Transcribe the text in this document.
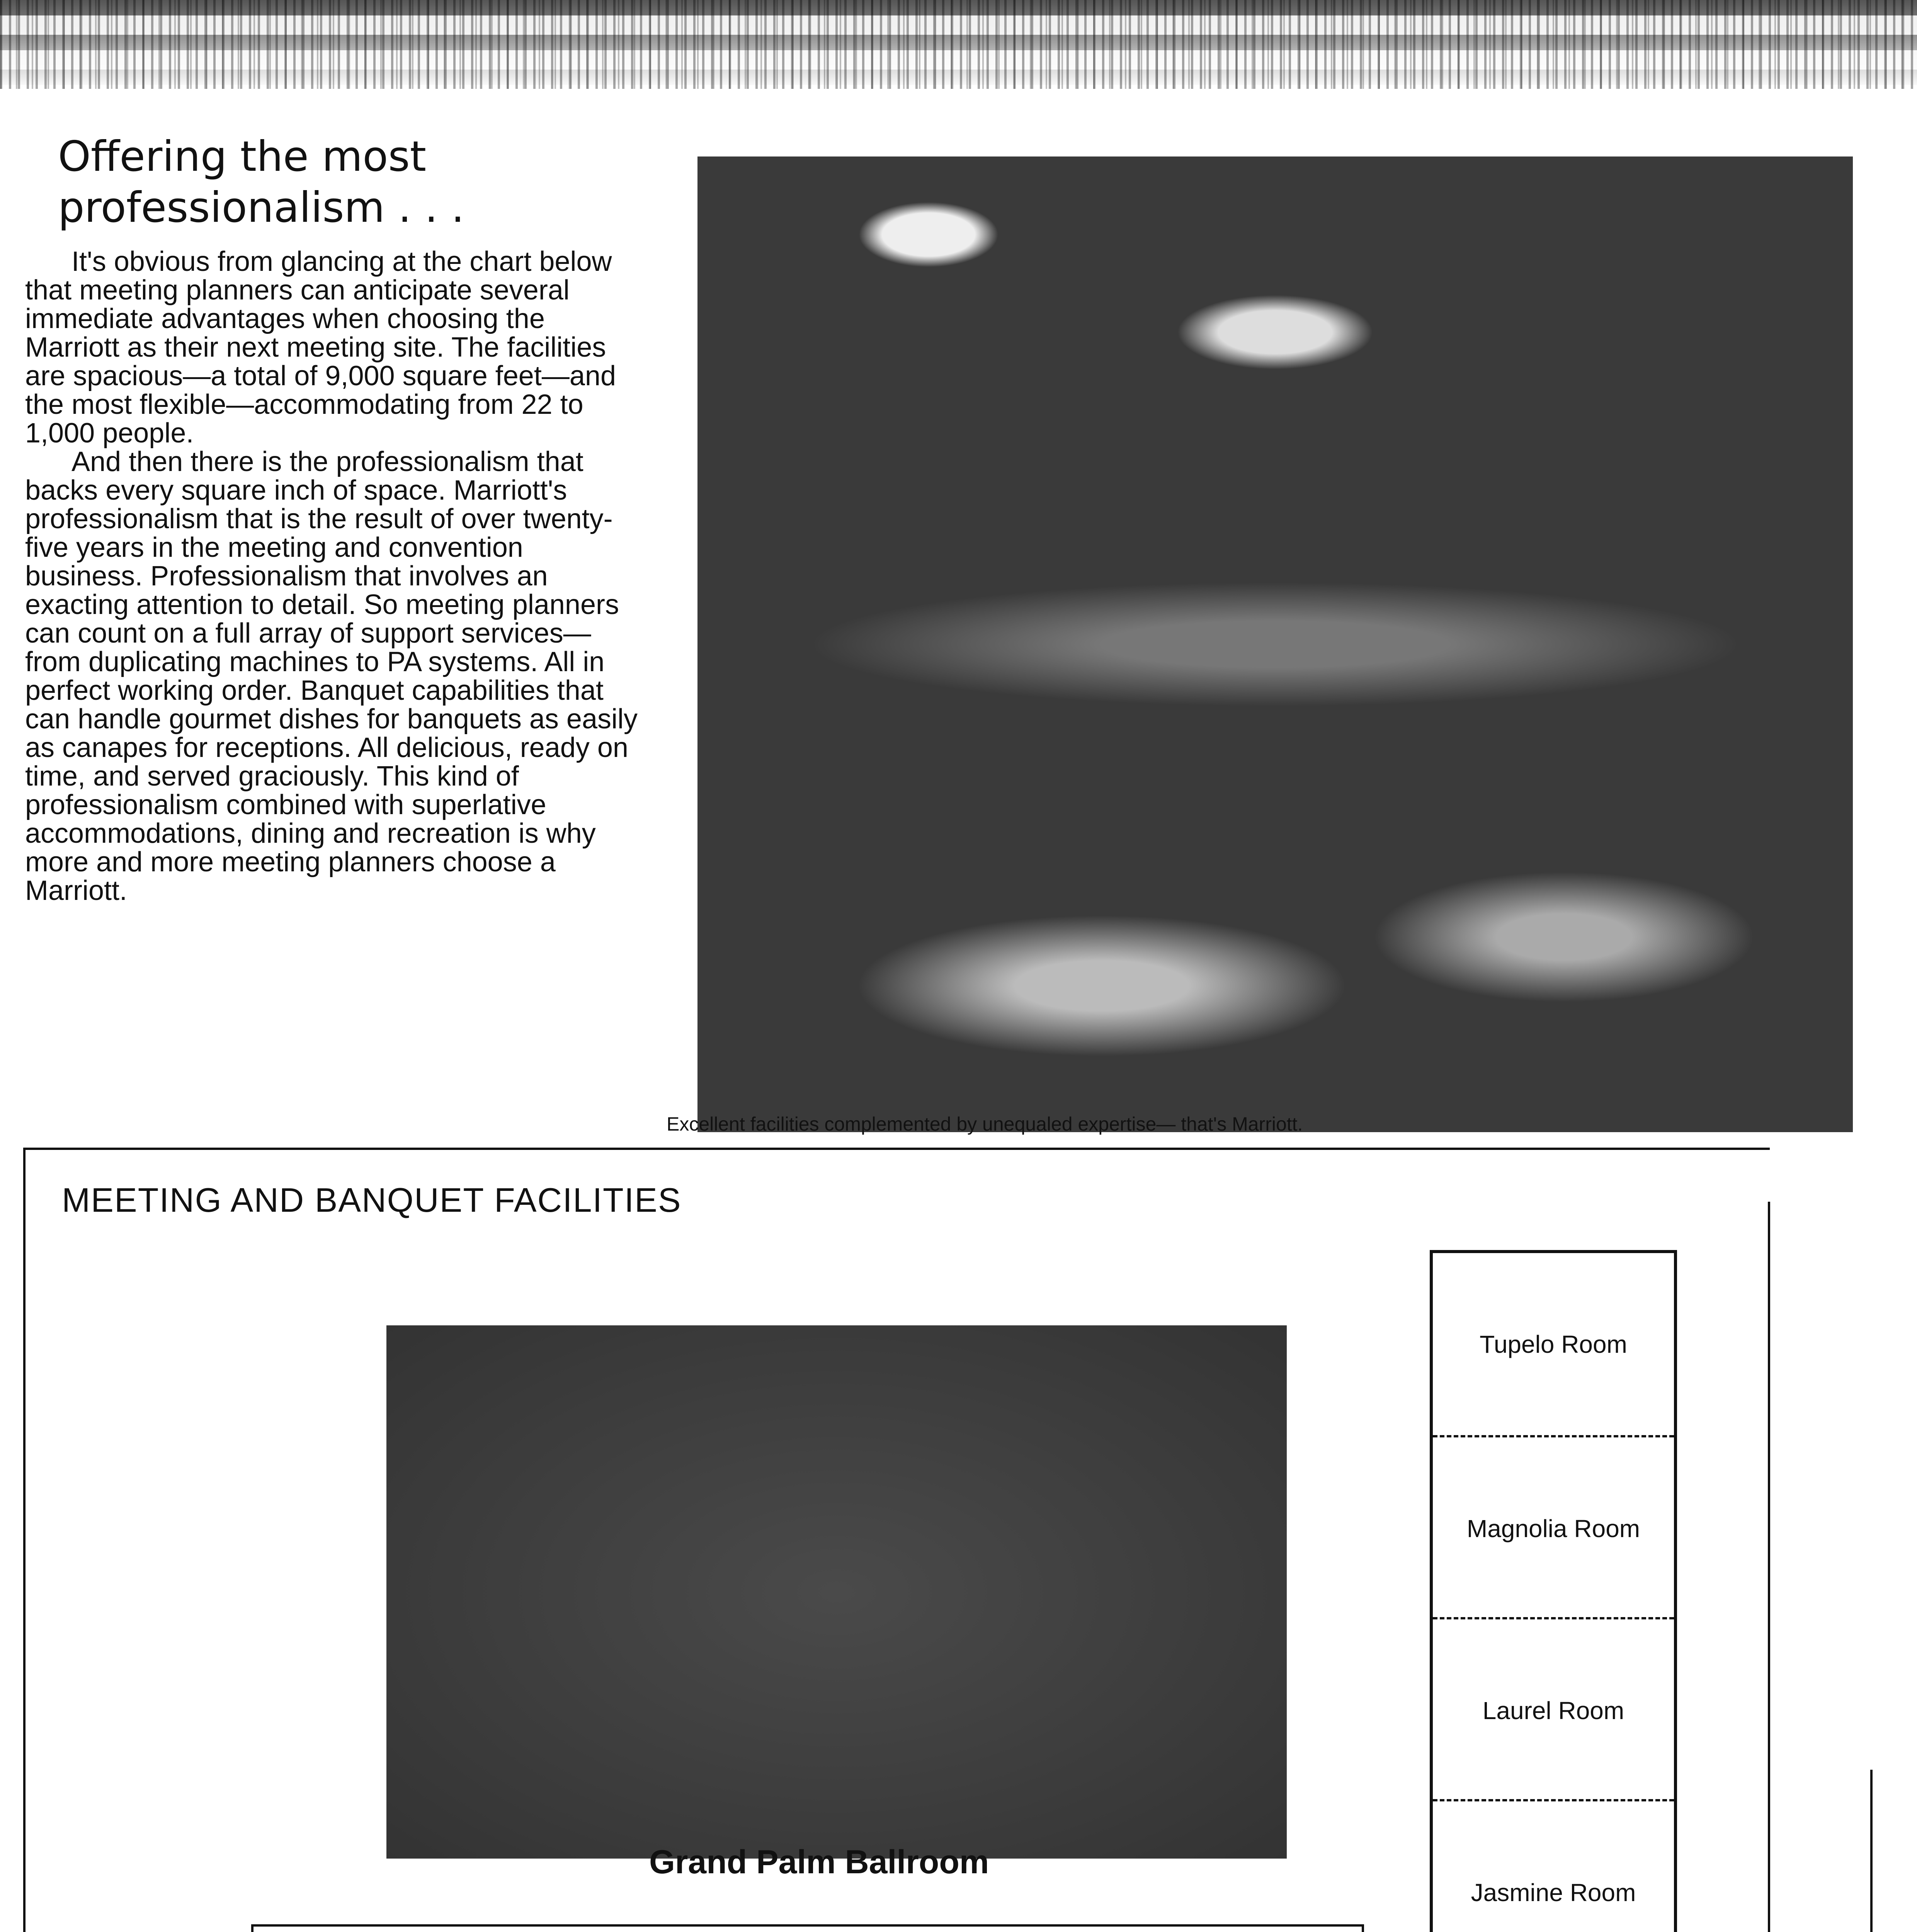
Offering the most professionalism . . .

It's obvious from glancing at the chart below that meeting planners can anticipate several immediate advantages when choosing the Marriott as their next meeting site. The facilities are spacious—a total of 9,000 square feet—and the most flexible—accommodating from 22 to 1,000 people.

And then there is the professionalism that backs every square inch of space. Marriott's professionalism that is the result of over twenty-five years in the meeting and convention business. Professionalism that involves an exacting attention to detail. So meeting planners can count on a full array of support services— from duplicating machines to PA systems. All in perfect working order. Banquet capabilities that can handle gourmet dishes for banquets as easily as canapes for receptions. All delicious, ready on time, and served graciously. This kind of professionalism combined with superlative accommodations, dining and recreation is why more and more meeting planners choose a Marriott.

Excellent facilities complemented by unequaled expertise— that's Marriott.
MEETING AND BANQUET FACILITIES
Grand Palm Ballroom
Tupelo Room
Magnolia Room
Laurel Room
Jasmine Room
